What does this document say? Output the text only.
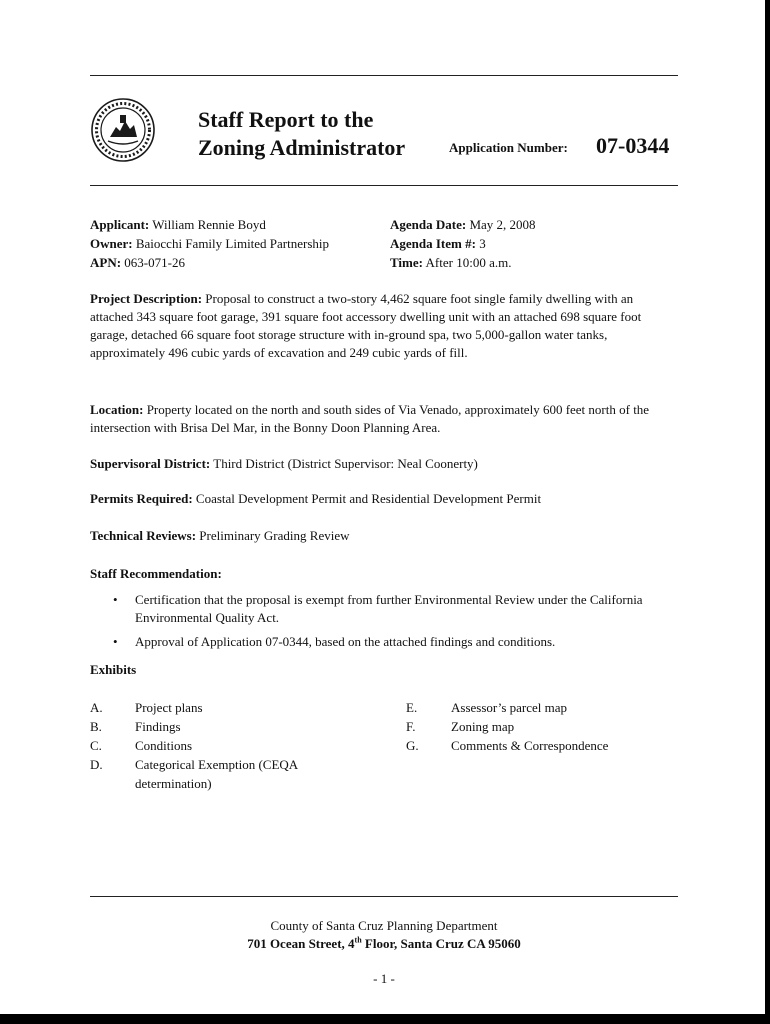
Staff Report to the
Zoning Administrator	Application Number: 07-0344
Applicant: William Rennie Boyd
Owner: Baiocchi Family Limited Partnership
APN: 063-071-26
Agenda Date: May 2, 2008
Agenda Item #: 3
Time: After 10:00 a.m.
Project Description: Proposal to construct a two-story 4,462 square foot single family dwelling with an attached 343 square foot garage, 391 square foot accessory dwelling unit with an attached 698 square foot garage, detached 66 square foot storage structure with in-ground spa, two 5,000-gallon water tanks, approximately 496 cubic yards of excavation and 249 cubic yards of fill.
Location: Property located on the north and south sides of Via Venado, approximately 600 feet north of the intersection with Brisa Del Mar, in the Bonny Doon Planning Area.
Supervisoral District: Third District (District Supervisor: Neal Coonerty)
Permits Required: Coastal Development Permit and Residential Development Permit
Technical Reviews: Preliminary Grading Review
Staff Recommendation:
• Certification that the proposal is exempt from further Environmental Review under the California Environmental Quality Act.
• Approval of Application 07-0344, based on the attached findings and conditions.
Exhibits
A.	Project plans
B.	Findings
C.	Conditions
D.	Categorical Exemption (CEQA determination)
E.	Assessor’s parcel map
F.	Zoning map
G.	Comments & Correspondence
County of Santa Cruz Planning Department
701 Ocean Street, 4th Floor, Santa Cruz CA 95060
- 1 -
